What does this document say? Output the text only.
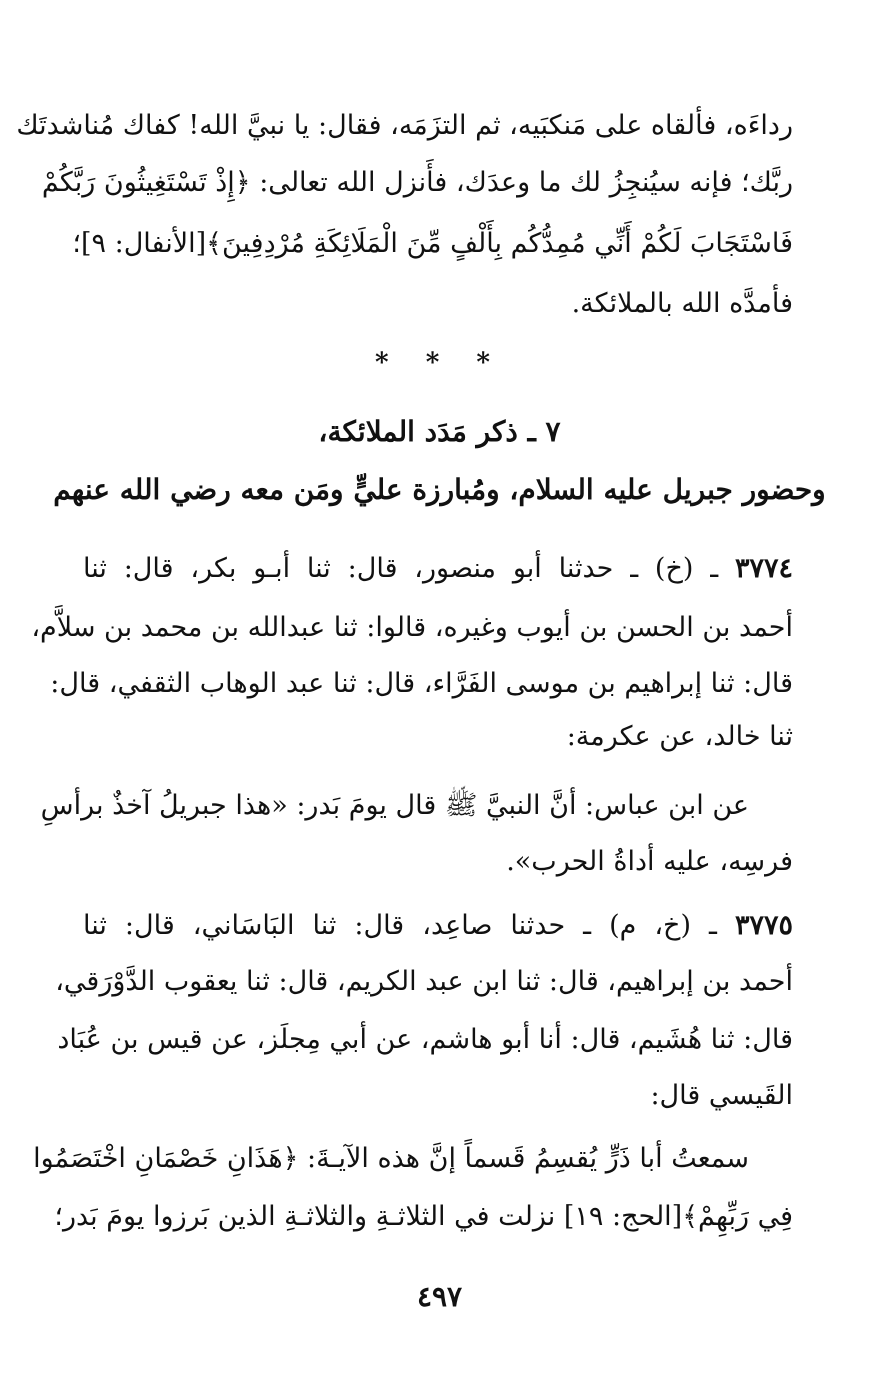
رداءَه، فألقاه على مَنكبَيه، ثم التزَمَه، فقال: يا نبيَّ الله! كفاك مُناشدتَك
ربَّك؛ فإنه سيُنجِزُ لك ما وعدَك، فأَنزل الله تعالى: ﴿إِذْ تَسْتَغِيثُونَ رَبَّكُمْ
فَاسْتَجَابَ لَكُمْ أَنِّي مُمِدُّكُم بِأَلْفٍ مِّنَ الْمَلَائِكَةِ مُرْدِفِينَ﴾[الأنفال: ٩]؛
فأمدَّه الله بالملائكة.
* * *
٧ ـ ذكر مَدَد الملائكة،
وحضور جبريل عليه السلام، ومُبارزة عليٍّ ومَن معه رضي الله عنهم
٣٧٧٤ ـ (خ) ـ حدثنا أبو منصور، قال: ثنا أبـو بكر، قال: ثنا
أحمد بن الحسن بن أيوب وغيره، قالوا: ثنا عبدالله بن محمد بن سلاَّم،
قال: ثنا إبراهيم بن موسى الفَرَّاء، قال: ثنا عبد الوهاب الثقفي، قال:
ثنا خالد، عن عكرمة:
عن ابن عباس: أنَّ النبيَّ ﷺ قال يومَ بَدر: «هذا جبريلُ آخذٌ برأسِ
فرسِه، عليه أداةُ الحرب».
٣٧٧٥ ـ (خ، م) ـ حدثنا صاعِد، قال: ثنا البَاسَاني، قال: ثنا
أحمد بن إبراهيم، قال: ثنا ابن عبد الكريم، قال: ثنا يعقوب الدَّوْرَقي،
قال: ثنا هُشَيم، قال: أنا أبو هاشم، عن أبي مِجلَز، عن قيس بن عُبَاد
القَيسي قال:
سمعتُ أبا ذَرٍّ يُقسِمُ قَسماً إنَّ هذه الآيـةَ: ﴿هَذَانِ خَصْمَانِ اخْتَصَمُوا
فِي رَبِّهِمْ﴾[الحج: ١٩] نزلت في الثلاثـةِ والثلاثـةِ الذين بَرزوا يومَ بَدر؛
٤٩٧
